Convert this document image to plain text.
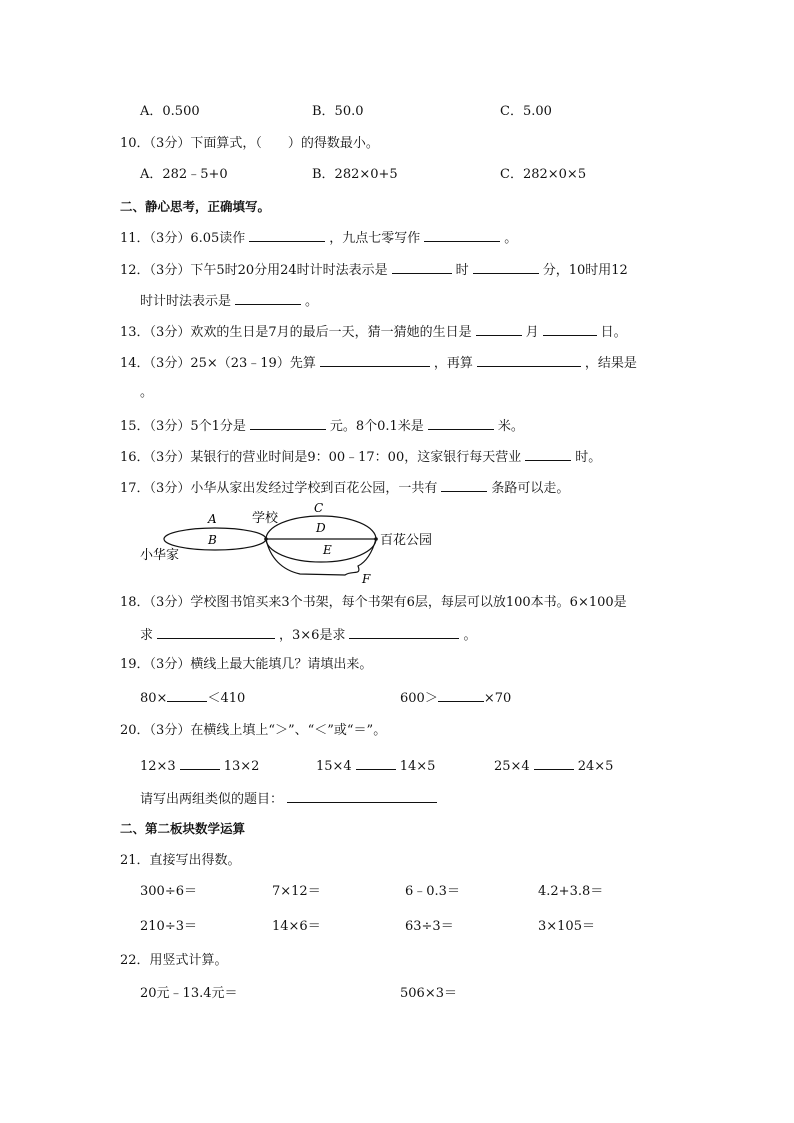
A．0.500	B．50.0	C．5.00
10．（3分）下面算式，（　　）的得数最小。
A．282﹣5+0	B．282×0+5	C．282×0×5
二、静心思考，正确填写。
11．（3分）6.05读作	，九点七零写作	。
12．（3分）下午5时20分用24时计时法表示是	时	分，10时用12
时计时法表示是	。
13．（3分）欢欢的生日是7月的最后一天，猜一猜她的生日是	月	日。
14．（3分）25×（23﹣19）先算	，再算	，结果是
。
15．（3分）5个1分是	元。8个0.1米是	米。
16．（3分）某银行的营业时间是9：00﹣17：00，这家银行每天营业	时。
17．（3分）小华从家出发经过学校到百花公园，一共有	条路可以走。
学校
小华家
百花公园
A
B
C
D
E
F
18．（3分）学校图书馆买来3个书架，每个书架有6层，每层可以放100本书。6×100是
求	，3×6是求	。
19．（3分）横线上最大能填几？请填出来。
80×	＜410	600＞	×70
20．（3分）在横线上填上“＞”、“＜”或“＝”。
12×3	13×2	15×4	14×5	25×4	24×5
请写出两组类似的题目：
二、第二板块数学运算
21．直接写出得数。
300÷6＝	7×12＝	6﹣0.3＝	4.2+3.8＝
210÷3＝	14×6＝	63÷3＝	3×105＝
22．用竖式计算。
20元﹣13.4元＝	506×3＝
